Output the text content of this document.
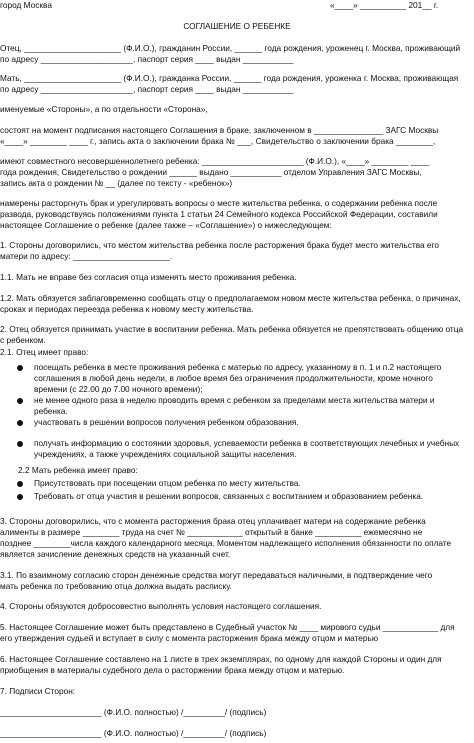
город Москва	«____» __________ 201__ г.
СОГЛАШЕНИЕ О РЕБЕНКЕ
Отец, _____________________ (Ф.И.О.), гражданин России, ______ года рождения, уроженец г. Москва, проживающий
по адресу ____________________, паспорт серия ____ выдан ___________
Мать, _____________________ (Ф.И.О.), гражданка России, ______ года рождения, уроженка г. Москва, проживающая
по адресу ____________________, паспорт серия ____ выдан ___________
именуемые «Стороны», а по отдельности «Сторона»,
состоят на момент подписания настоящего Соглашения в браке, заключенном в _______________ ЗАГС Москвы
«____» ________ ____ г., запись акта о заключении брака № ___, Свидетельство о заключении брака ________,
имеют совместного несовершеннолетнего ребенка: ______________________ (Ф.И.О.), «____» ________ ____
года рождения, Свидетельство о рождении ______ выдано ___________ отделом Управления ЗАГС Москвы,
запись акта о рождении № __ (далее по тексту - «ребенок»)
намерены расторгнуть брак и урегулировать вопросы о месте жительства ребенка, о содержании ребенка после
развода, руководствуясь положениями пункта 1 статьи 24 Семейного кодекса Российской Федерации, составили
настоящее Соглашение о ребенке (далее также – «Соглашение») о нижеследующем:
1. Стороны договорились, что местом жительства ребенка после расторжения брака будет место жительства его
матери по адресу: _____________________.
1.1. Мать не вправе без согласия отца изменять место проживания ребенка.
1.2. Мать обязуется заблаговременно сообщать отцу о предполагаемом новом месте жительства ребенка, о причинах,
сроках и периодах переезда ребенка к новому месту жительства.
2. Отец обязуется принимать участие в воспитании ребенка. Мать ребенка обязуется не препятствовать общению отца
с ребенком.
2.1. Отец имеет право:
посещать ребенка в месте проживания ребенка с матерью по адресу, указанному в п. 1 и п.2 настоящего
соглашения в любой день недели, в любое время без ограничения продолжительности, кроме ночного
времени (с 22.00 до 7.00 ночного времени);
не менее одного раза в неделю проводить время с ребенком за пределами места жительства матери и
ребенка.
участвовать в решении вопросов получения ребенком образования.
получать информацию о состоянии здоровья, успеваемости ребенка в соответствующих лечебных и учебных
учреждениях, а также учреждениях социальной защиты населения.
2.2 Мать ребенка имеет право:
Присутствовать при посещении отцом ребенка по месту жительства.
Требовать от отца участия в решении вопросов, связанных с воспитанием и образованием ребенка.
3. Стороны договорились, что с момента расторжения брака отец уплачивает матери на содержание ребенка
алименты в размере ________ труда на счет № ____________ открытый в банке __________ ежемесячно не
позднее ________числа каждого календарного месяца. Моментом надлежащего исполнения обязанности по оплате
является зачисление денежных средств на указанный счет.
3.1. По взаимному согласию сторон денежные средства могут передаваться наличными, в подтверждение чего
мать ребенка по требованию отца должна выдать расписку.
4. Стороны обязуются добросовестно выполнять условия настоящего соглашения.
5. Настоящее Соглашение может быть представлено в Судебный участок № ____ мирового судьи ____________ для
его утверждения судьей и вступает в силу с момента расторжения брака между отцом и матерью
6. Настоящее Соглашение составлено на 1 листе в трех экземплярах, по одному для каждой Стороны и один для
приобщения в материалы судебного дела о расторжении брака между отцом и матерью.
7. Подписи Сторон:
______________________ (Ф.И.О. полностью) /_________/ (подпись)
______________________ (Ф.И.О. полностью) /_________/ (подпись)
